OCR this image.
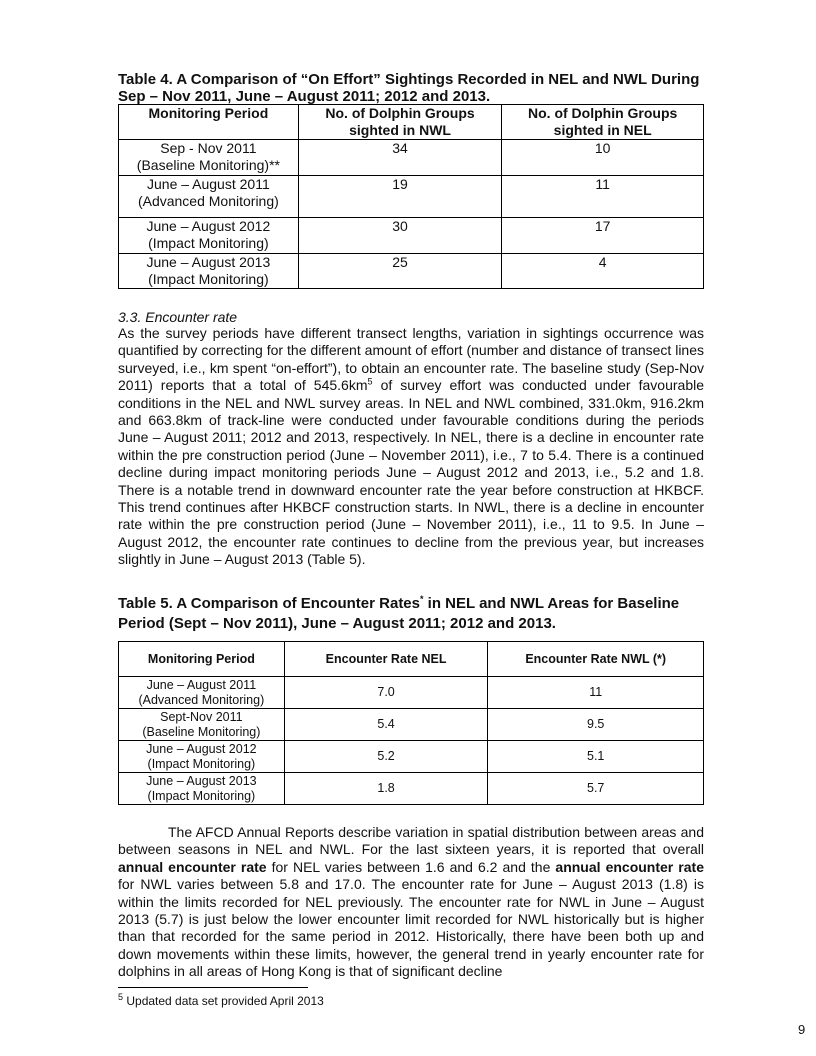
Table 4. A Comparison of “On Effort” Sightings Recorded in NEL and NWL During Sep – Nov 2011, June – August 2011; 2012 and 2013.
Monitoring Period	No. of Dolphin Groups sighted in NWL	No. of Dolphin Groups sighted in NEL

Sep - Nov 2011
(Baseline Monitoring)**	34	10

June – August 2011
(Advanced Monitoring)	19	11

June – August 2012
(Impact Monitoring)	30	17

June – August 2013
(Impact Monitoring)	25	4
3.3. Encounter rate
As the survey periods have different transect lengths, variation in sightings occurrence was quantified by correcting for the different amount of effort (number and distance of transect lines surveyed, i.e., km spent “on-effort”), to obtain an encounter rate. The baseline study (Sep-Nov 2011) reports that a total of $545.6km^5$ of survey effort was conducted under favourable conditions in the NEL and NWL survey areas. In NEL and NWL combined, 331.0km, 916.2km and 663.8km of track-line were conducted under favourable conditions during the periods June – August 2011; 2012 and 2013, respectively. In NEL, there is a decline in encounter rate within the pre construction period (June – November 2011), i.e., 7 to 5.4. There is a continued decline during impact monitoring periods June – August 2012 and 2013, i.e., 5.2 and 1.8. There is a notable trend in downward encounter rate the year before construction at HKBCF. This trend continues after HKBCF construction starts. In NWL, there is a decline in encounter rate within the pre construction period (June – November 2011), i.e., 11 to 9.5. In June – August 2012, the encounter rate continues to decline from the previous year, but increases slightly in June – August 2013 (Table 5).
Table 5. A Comparison of Encounter Rates* in NEL and NWL Areas for Baseline Period (Sept – Nov 2011), June – August 2011; 2012 and 2013.
Monitoring Period	Encounter Rate NEL	Encounter Rate NWL (*)

June – August 2011
(Advanced Monitoring)	7.0	11

Sept-Nov 2011
(Baseline Monitoring)	5.4	9.5

June – August 2012
(Impact Monitoring)	5.2	5.1

June – August 2013
(Impact Monitoring)	1.8	5.7
The AFCD Annual Reports describe variation in spatial distribution between areas and between seasons in NEL and NWL. For the last sixteen years, it is reported that overall annual encounter rate for NEL varies between 1.6 and 6.2 and the annual encounter rate for NWL varies between 5.8 and 17.0. The encounter rate for June – August 2013 (1.8) is within the limits recorded for NEL previously. The encounter rate for NWL in June – August 2013 (5.7) is just below the lower encounter limit recorded for NWL historically but is higher than that recorded for the same period in 2012. Historically, there have been both up and down movements within these limits, however, the general trend in yearly encounter rate for dolphins in all areas of Hong Kong is that of significant decline
$^5$ Updated data set provided April 2013
9
